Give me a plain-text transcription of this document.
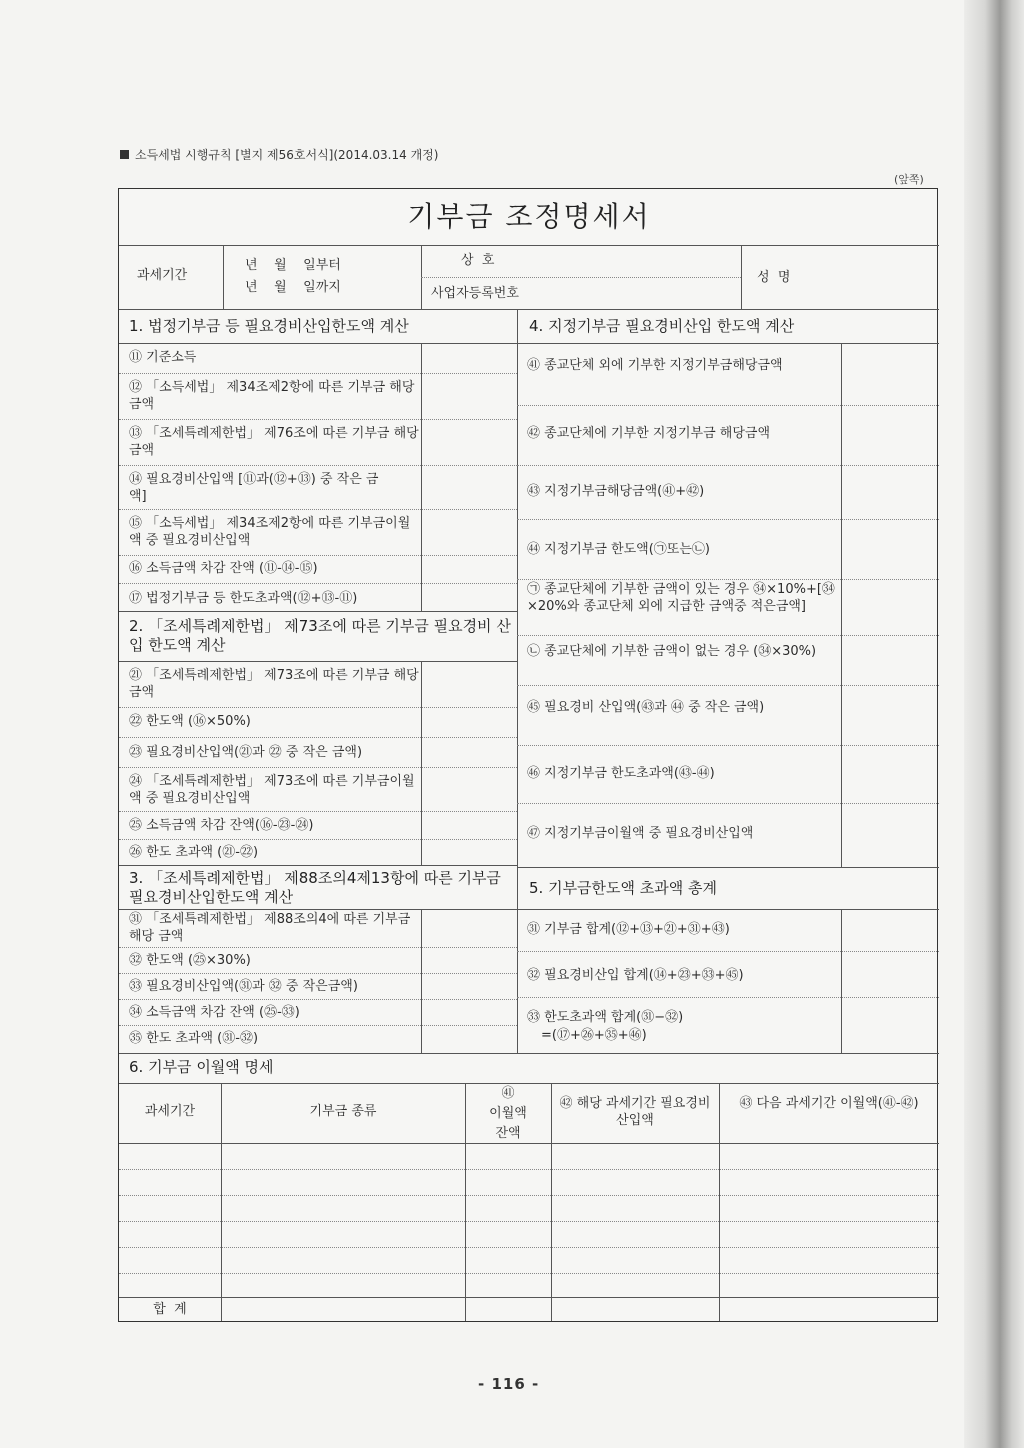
소득세법 시행규칙 [별지 제56호서식](2014.03.14 개정)
(앞쪽)
기부금 조정명세서
과세기간
년    월    일부터
년    월    일까지
상  호
사업자등록번호
성  명
1. 법정기부금 등 필요경비산입한도액 계산
⑪ 기준소득
⑫ 「소득세법」 제34조제2항에 따른 기부금 해당 금액
⑬ 「조세특례제한법」 제76조에 따른 기부금 해당 금액
⑭ 필요경비산입액 [⑪과(⑫+⑬) 중 작은 금액]
⑮ 「소득세법」 제34조제2항에 따른 기부금이월액 중 필요경비산입액
⑯ 소득금액 차감 잔액 (⑪-⑭-⑮)
⑰ 법정기부금 등 한도초과액(⑫+⑬-⑪)
2. 「조세특례제한법」 제73조에 따른 기부금 필요경비 산입 한도액 계산
㉑ 「조세특례제한법」 제73조에 따른 기부금 해당 금액
㉒ 한도액 (⑯×50%)
㉓ 필요경비산입액(㉑과 ㉒ 중 작은 금액)
㉔ 「조세특례제한법」 제73조에 따른 기부금이월액 중 필요경비산입액
㉕ 소득금액 차감 잔액(⑯-㉓-㉔)
㉖ 한도 초과액 (㉑-㉒)
3. 「조세특례제한법」 제88조의4제13항에 따른 기부금 필요경비산입한도액 계산
㉛ 「조세특례제한법」 제88조의4에 따른 기부금 해당 금액
㉜ 한도액 (㉕×30%)
㉝ 필요경비산입액(㉛과 ㉜ 중 작은금액)
㉞ 소득금액 차감 잔액 (㉕-㉝)
㉟ 한도 초과액 (㉛-㉜)
4. 지정기부금 필요경비산입 한도액 계산
㊶ 종교단체 외에 기부한 지정기부금해당금액
㊷ 종교단체에 기부한 지정기부금 해당금액
㊸ 지정기부금해당금액(㊶+㊷)
㊹ 지정기부금 한도액(㉠또는㉡)
㉠ 종교단체에 기부한 금액이 있는 경우 ㉞×10%+[㉞×20%와 종교단체 외에 지급한 금액중 적은금액]
㉡ 종교단체에 기부한 금액이 없는 경우 (㉞×30%)
㊺ 필요경비 산입액(㊸과 ㊹ 중 작은 금액)
㊻ 지정기부금 한도초과액(㊸-㊹)
㊼ 지정기부금이월액 중 필요경비산입액
5. 기부금한도액 초과액 총계
㉛ 기부금 합계(⑫+⑬+㉑+㉛+㊸)
㉜ 필요경비산입 합계(⑭+㉓+㉝+㊺)
㉝ 한도초과액 합계(㉛−㉜)
=(⑰+㉖+㉟+㊻)
6. 기부금 이월액 명세
과세기간	기부금 종류
㊶
이월액
잔액
㊷ 해당 과세기간 필요경비산입액
㊸ 다음 과세기간 이월액(㊶-㊷)
합  계
- 116 -
